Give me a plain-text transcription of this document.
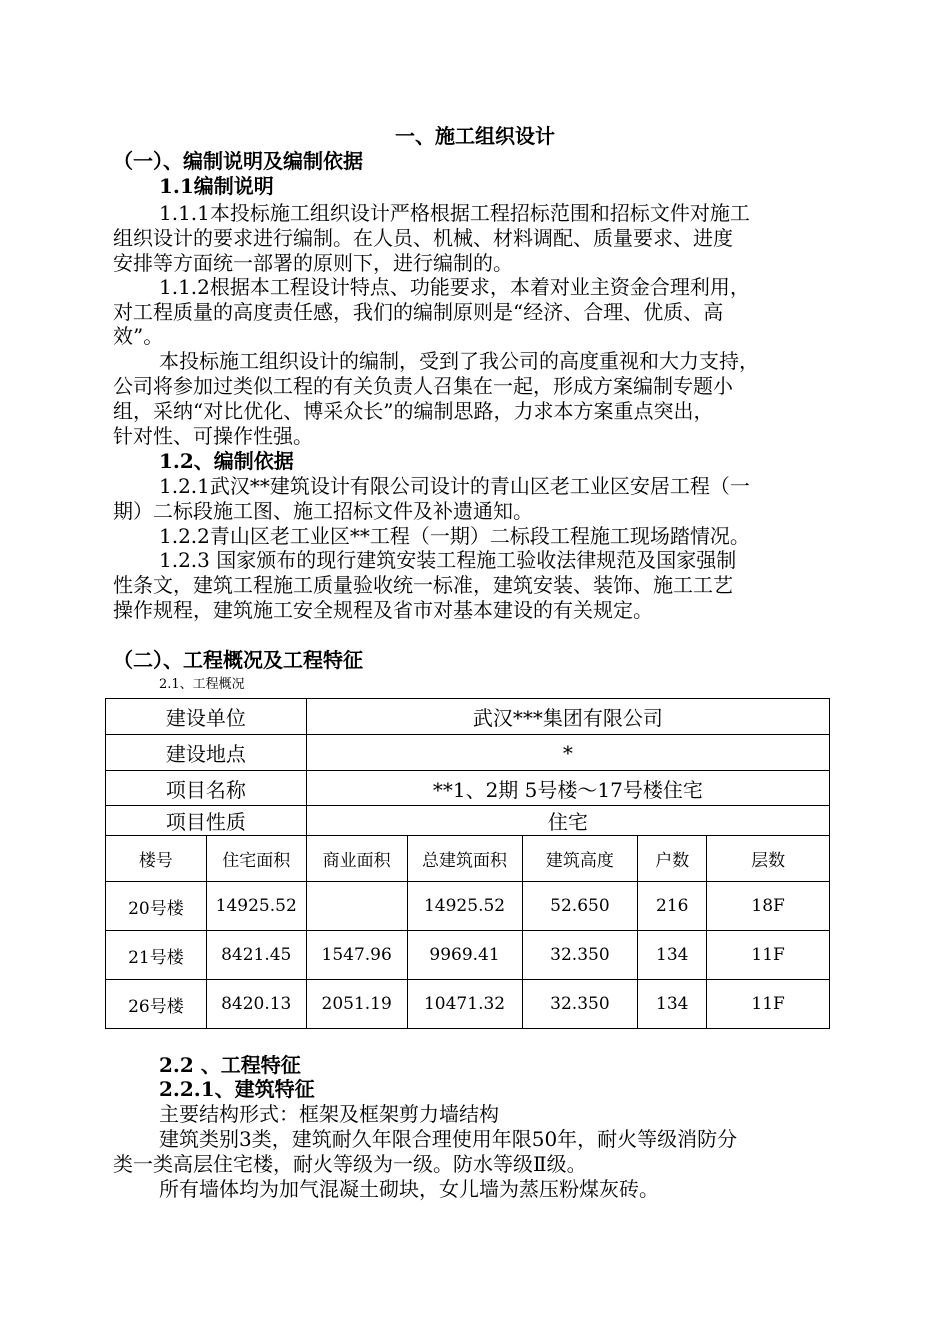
一、施工组织设计
（一）、编制说明及编制依据
1.1编制说明
1.1.1本投标施工组织设计严格根据工程招标范围和招标文件对施工
组织设计的要求进行编制。在人员、机械、材料调配、质量要求、进度
安排等方面统一部署的原则下，进行编制的。
1.1.2根据本工程设计特点、功能要求，本着对业主资金合理利用，
对工程质量的高度责任感，我们的编制原则是“经济、合理、优质、高
效”。
本投标施工组织设计的编制，受到了我公司的高度重视和大力支持，
公司将参加过类似工程的有关负责人召集在一起，形成方案编制专题小
组，采纳“对比优化、博采众长”的编制思路，力求本方案重点突出，
针对性、可操作性强。
1.2、编制依据
1.2.1武汉**建筑设计有限公司设计的青山区老工业区安居工程（一
期）二标段施工图、施工招标文件及补遗通知。
1.2.2青山区老工业区**工程（一期）二标段工程施工现场踏情况。
1.2.3 国家颁布的现行建筑安装工程施工验收法律规范及国家强制
性条文，建筑工程施工质量验收统一标准，建筑安装、装饰、施工工艺
操作规程，建筑施工安全规程及省市对基本建设的有关规定。
（二）、工程概况及工程特征
2.1、工程概况
建设单位		武汉***集团有限公司				
建设地点		*				
项目名称		**1、2期 5号楼～17号楼住宅				
项目性质		住宅				
楼号	住宅面积	商业面积	总建筑面积	建筑高度	户数	层数
20号楼	14925.52		14925.52	52.650	216	18F
21号楼	8421.45	1547.96	9969.41	32.350	134	11F
26号楼	8420.13	2051.19	10471.32	32.350	134	11F
2.2 、工程特征
2.2.1、建筑特征
主要结构形式：框架及框架剪力墙结构
建筑类别3类，建筑耐久年限合理使用年限50年，耐火等级消防分
类一类高层住宅楼，耐火等级为一级。防水等级Ⅱ级。
所有墙体均为加气混凝土砌块，女儿墙为蒸压粉煤灰砖。
